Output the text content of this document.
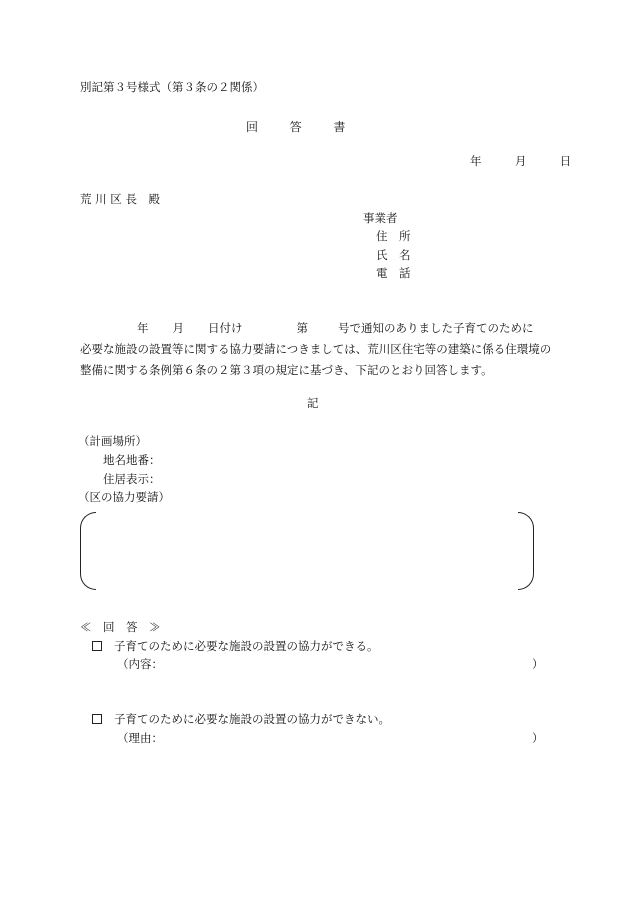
別記第３号様式（第３条の２関係）
回	答	書
年	月	日
荒 川 区 長　殿
事業者
住　所
氏　名
電　話
年 月 日付け	第	号で通知のありました子育てのために
必要な施設の設置等に関する協力要請につきましては、荒川区住宅等の建築に係る住環境の
整備に関する条例第６条の２第３項の規定に基づき、下記のとおり回答します。
記
（計画場所）
地名地番：
住居表示：
（区の協力要請）
≪　回　答　≫
子育てのために必要な施設の設置の協力ができる。
（内容：	）
子育てのために必要な施設の設置の協力ができない。
（理由：	）
